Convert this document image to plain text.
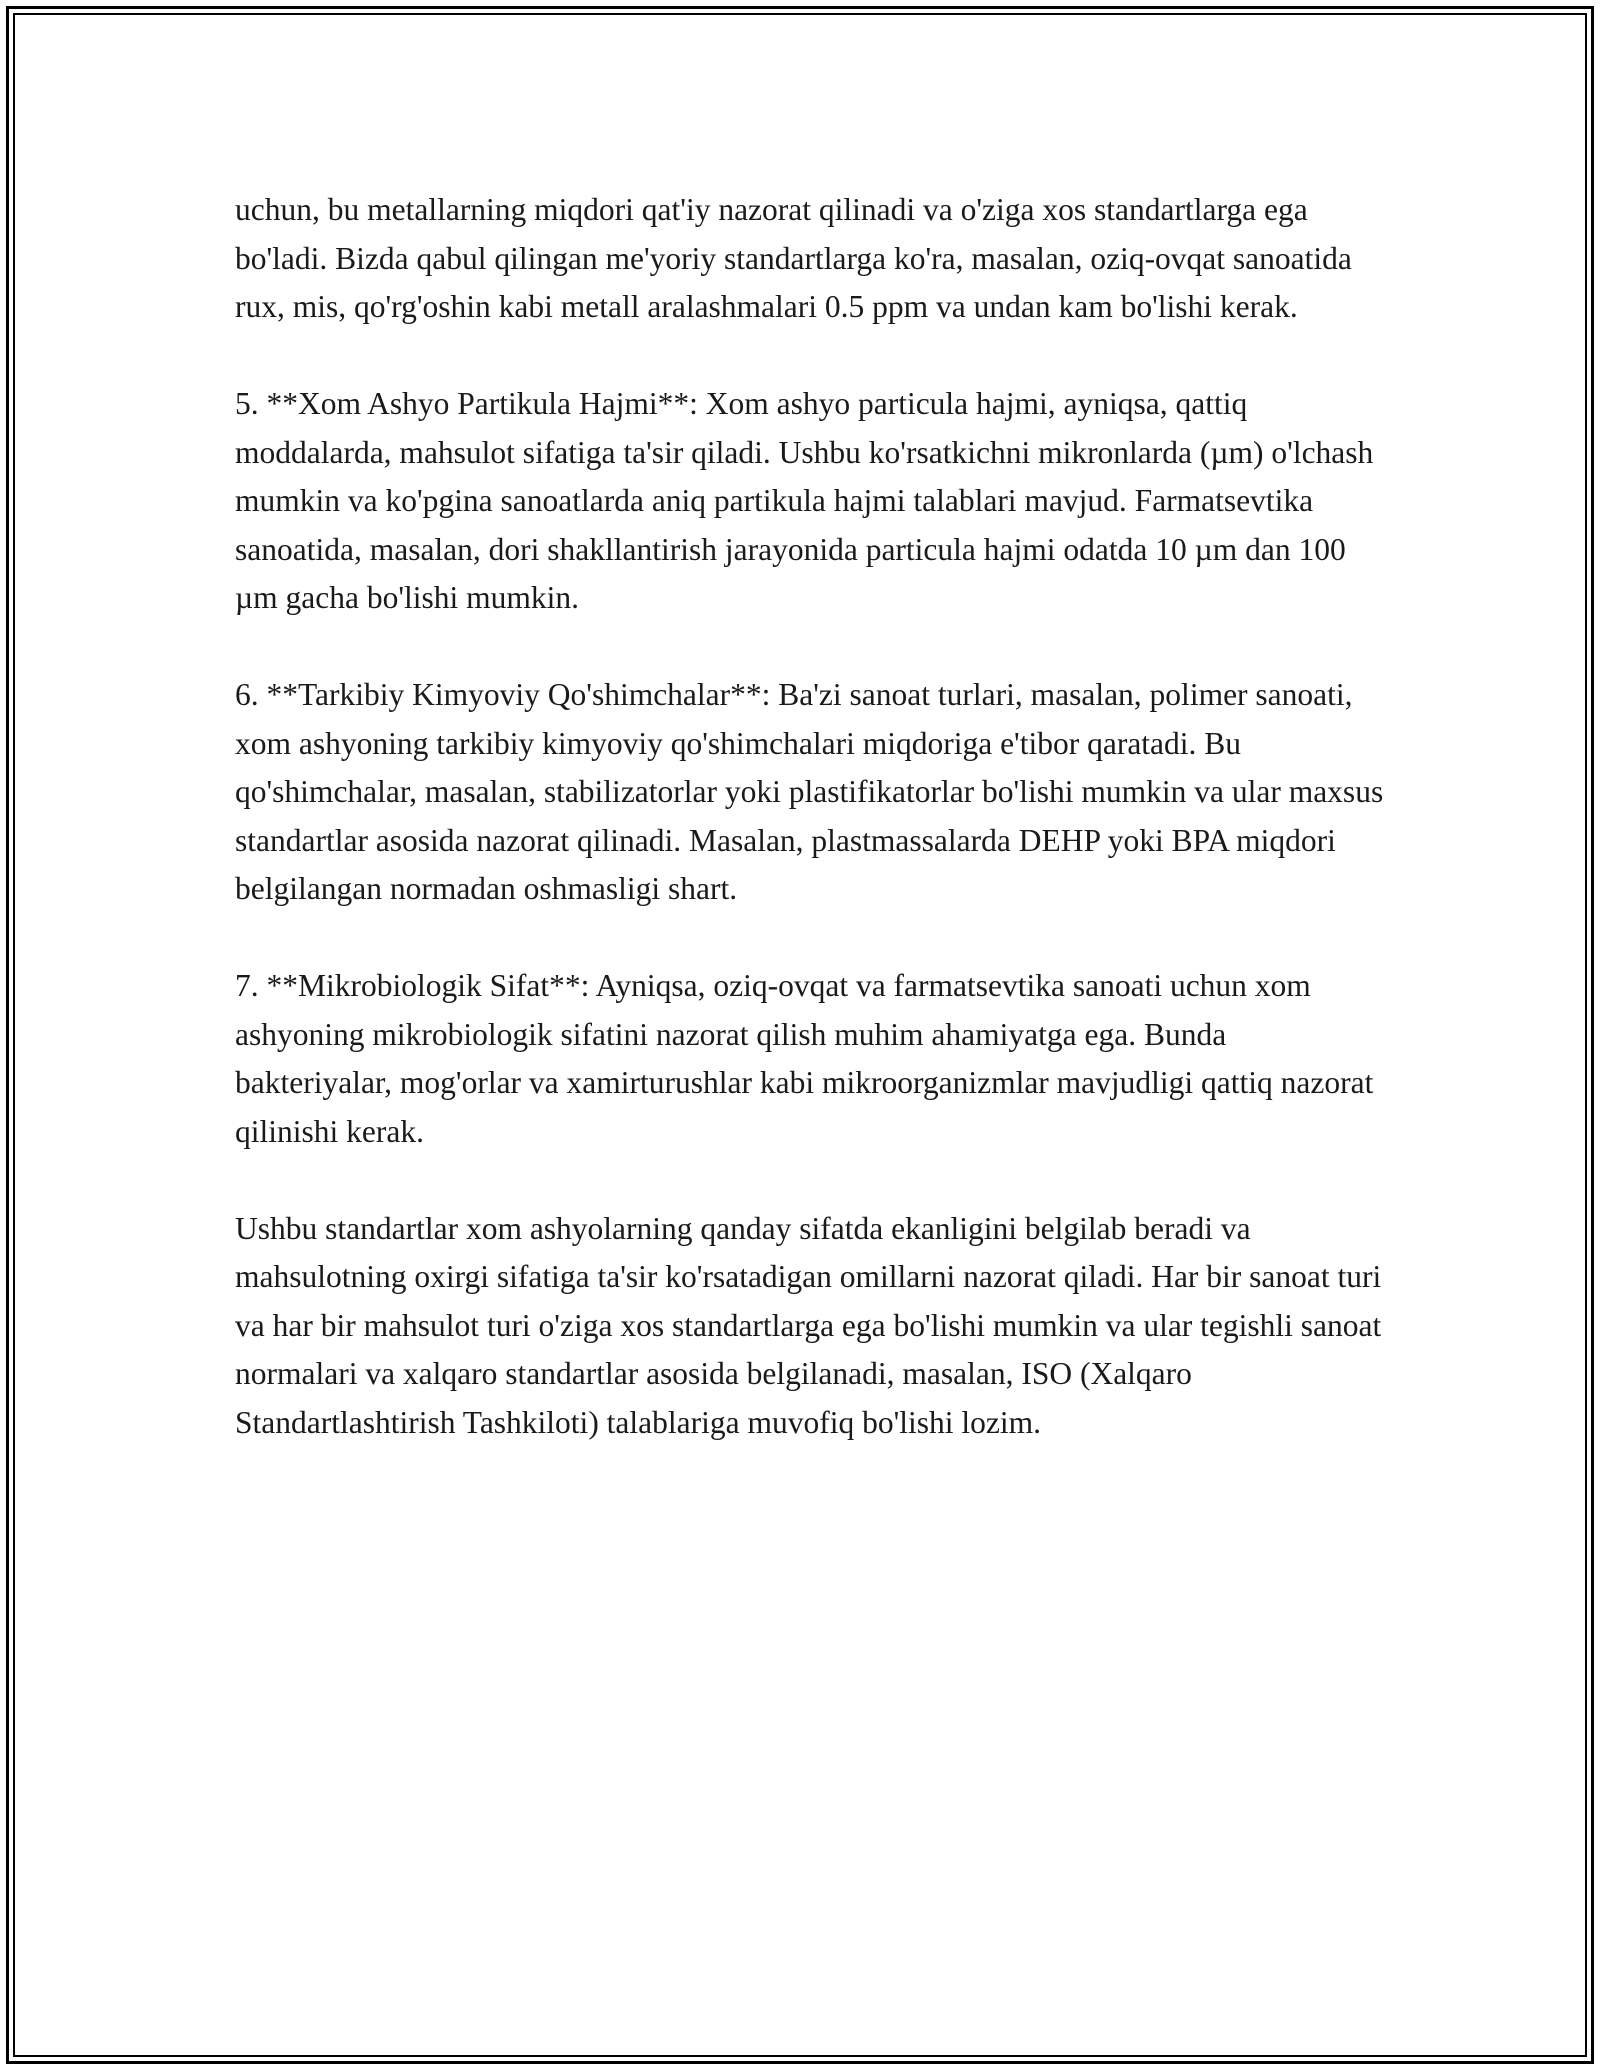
uchun, bu metallarning miqdori qat'iy nazorat qilinadi va o'ziga xos standartlarga ega bo'ladi. Bizda qabul qilingan me'yoriy standartlarga ko'ra, masalan, oziq-ovqat sanoatida rux, mis, qo'rg'oshin kabi metall aralashmalari 0.5 ppm va undan kam bo'lishi kerak.

5. **Xom Ashyo Partikula Hajmi**: Xom ashyo particula hajmi, ayniqsa, qattiq moddalarda, mahsulot sifatiga ta'sir qiladi. Ushbu ko'rsatkichni mikronlarda (µm) o'lchash mumkin va ko'pgina sanoatlarda aniq partikula hajmi talablari mavjud. Farmatsevtika sanoatida, masalan, dori shakllantirish jarayonida particula hajmi odatda 10 µm dan 100 µm gacha bo'lishi mumkin.

6. **Tarkibiy Kimyoviy Qo'shimchalar**: Ba'zi sanoat turlari, masalan, polimer sanoati, xom ashyoning tarkibiy kimyoviy qo'shimchalari miqdoriga e'tibor qaratadi. Bu qo'shimchalar, masalan, stabilizatorlar yoki plastifikatorlar bo'lishi mumkin va ular maxsus standartlar asosida nazorat qilinadi. Masalan, plastmassalarda DEHP yoki BPA miqdori belgilangan normadan oshmasligi shart.

7. **Mikrobiologik Sifat**: Ayniqsa, oziq-ovqat va farmatsevtika sanoati uchun xom ashyoning mikrobiologik sifatini nazorat qilish muhim ahamiyatga ega. Bunda bakteriyalar, mog'orlar va xamirturushlar kabi mikroorganizmlar mavjudligi qattiq nazorat qilinishi kerak.

Ushbu standartlar xom ashyolarning qanday sifatda ekanligini belgilab beradi va mahsulotning oxirgi sifatiga ta'sir ko'rsatadigan omillarni nazorat qiladi. Har bir sanoat turi va har bir mahsulot turi o'ziga xos standartlarga ega bo'lishi mumkin va ular tegishli sanoat normalari va xalqaro standartlar asosida belgilanadi, masalan, ISO (Xalqaro Standartlashtirish Tashkiloti) talablariga muvofiq bo'lishi lozim.
